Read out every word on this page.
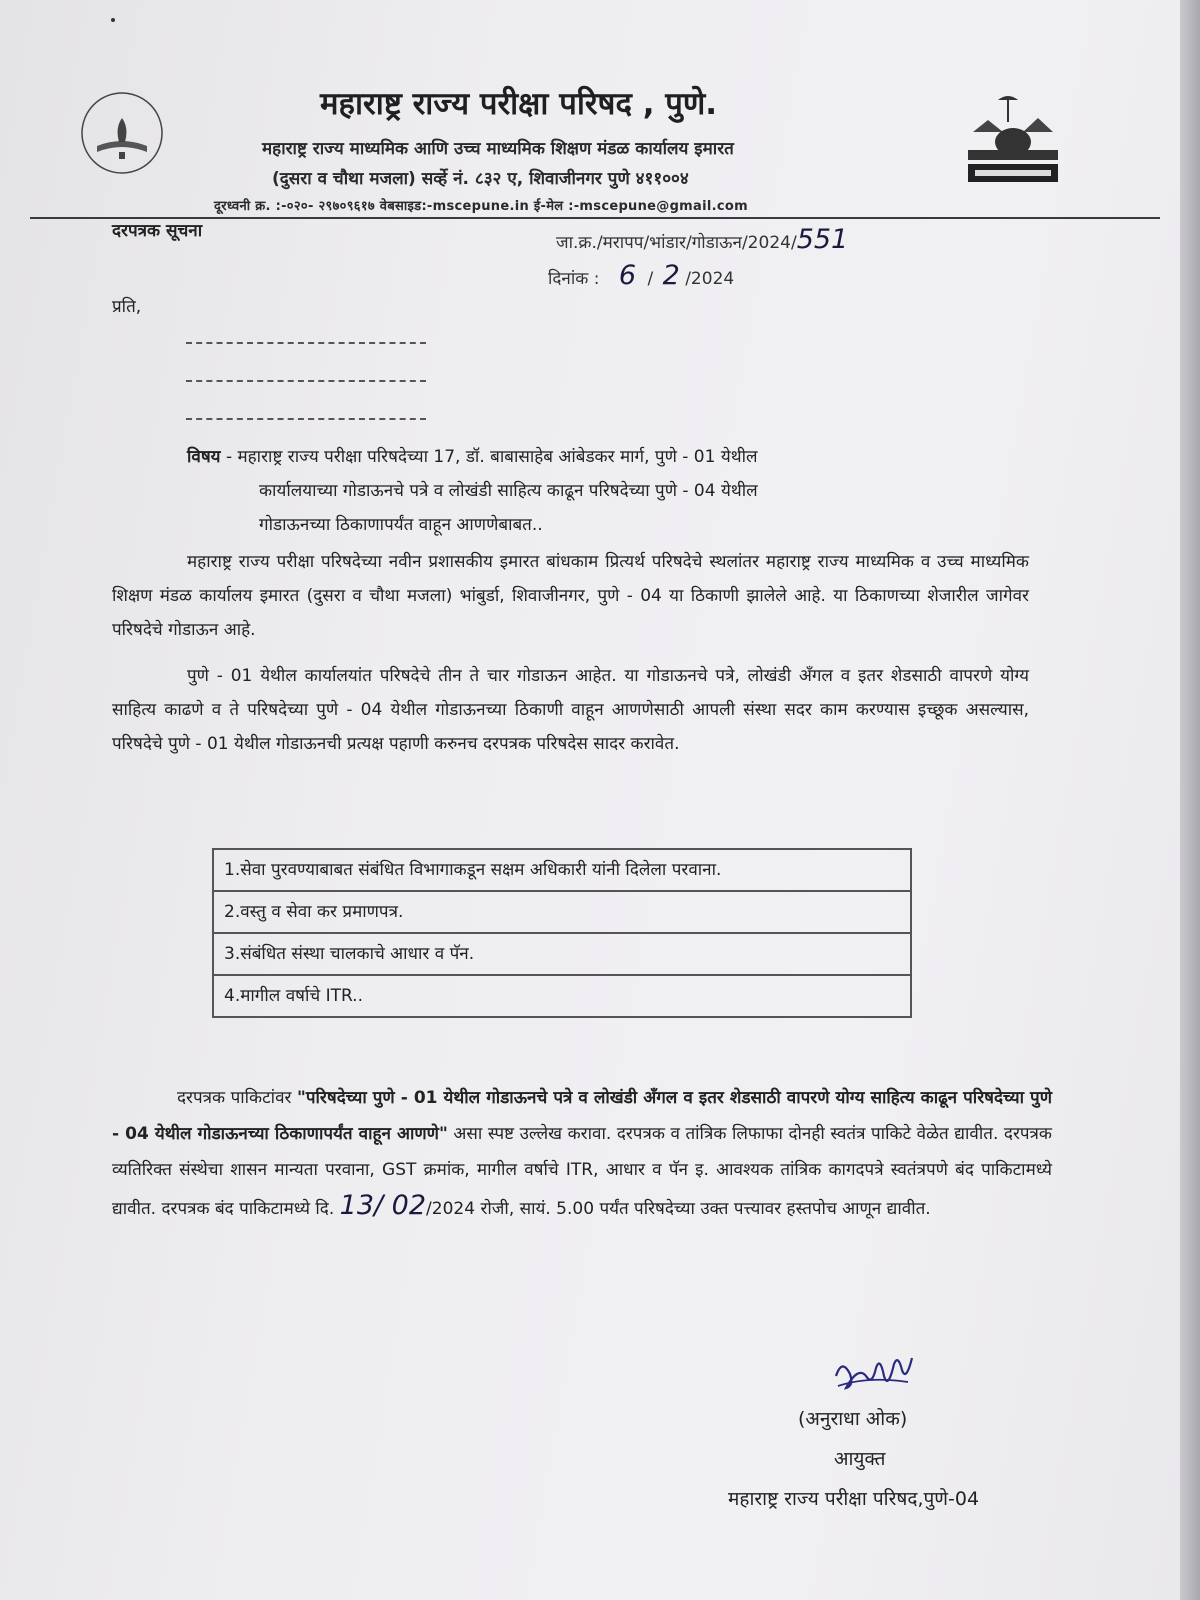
महाराष्ट्र राज्य परीक्षा परिषद , पुणे.
महाराष्ट्र राज्य माध्यमिक आणि उच्च माध्यमिक शिक्षण मंडळ कार्यालय इमारत
(दुसरा व चौथा मजला) सर्व्हे नं. ८३२ ए, शिवाजीनगर पुणे ४११००४
दूरध्वनी क्र. :-०२०- २९७०९६१७ वेबसाइड:-mscepune.in ई-मेल :-mscepune@gmail.com
दरपत्रक सूचना
जा.क्र./मरापप/भांडार/गोडाऊन/2024/551
दिनांक : 6 / 2 /2024
प्रति,
विषय - महाराष्ट्र राज्य परीक्षा परिषदेच्या 17, डॉ. बाबासाहेब आंबेडकर मार्ग, पुणे - 01 येथील
कार्यालयाच्या गोडाऊनचे पत्रे व लोखंडी साहित्य काढून परिषदेच्या पुणे - 04 येथील
गोडाऊनच्या ठिकाणापर्यंत वाहून आणणेबाबत..
महाराष्ट्र राज्य परीक्षा परिषदेच्या नवीन प्रशासकीय इमारत बांधकाम प्रित्यर्थ परिषदेचे स्थलांतर महाराष्ट्र राज्य माध्यमिक व उच्च माध्यमिक शिक्षण मंडळ कार्यालय इमारत (दुसरा व चौथा मजला) भांबुर्डा, शिवाजीनगर, पुणे - 04 या ठिकाणी झालेले आहे. या ठिकाणच्या शेजारील जागेवर परिषदेचे गोडाऊन आहे.
पुणे - 01 येथील कार्यालयांत परिषदेचे तीन ते चार गोडाऊन आहेत. या गोडाऊनचे पत्रे, लोखंडी अँगल व इतर शेडसाठी वापरणे योग्य साहित्य काढणे व ते परिषदेच्या पुणे - 04 येथील गोडाऊनच्या ठिकाणी वाहून आणणेसाठी आपली संस्था सदर काम करण्यास इच्छूक असल्यास, परिषदेचे पुणे - 01 येथील गोडाऊनची प्रत्यक्ष पहाणी करुनच दरपत्रक परिषदेस सादर करावेत.
1.सेवा पुरवण्याबाबत संबंधित विभागाकडून सक्षम अधिकारी यांनी दिलेला परवाना.
2.वस्तु व सेवा कर प्रमाणपत्र.
3.संबंधित संस्था चालकाचे आधार व पॅन.
4.मागील वर्षाचे ITR..
दरपत्रक पाकिटांवर "परिषदेच्या पुणे - 01 येथील गोडाऊनचे पत्रे व लोखंडी अँगल व इतर शेडसाठी वापरणे योग्य साहित्य काढून परिषदेच्या पुणे - 04 येथील गोडाऊनच्या ठिकाणापर्यंत वाहून आणणे" असा स्पष्ट उल्लेख करावा. दरपत्रक व तांत्रिक लिफाफा दोनही स्वतंत्र पाकिटे वेळेत द्यावीत. दरपत्रक व्यतिरिक्त संस्थेचा शासन मान्यता परवाना, GST क्रमांक, मागील वर्षाचे ITR, आधार व पॅन इ. आवश्यक तांत्रिक कागदपत्रे स्वतंत्रपणे बंद पाकिटामध्ये द्यावीत. दरपत्रक बंद पाकिटामध्ये दि. 13/ 02/2024 रोजी, सायं. 5.00 पर्यंत परिषदेच्या उक्त पत्त्यावर हस्तपोच आणून द्यावीत.
(अनुराधा ओक)
आयुक्त
महाराष्ट्र राज्य परीक्षा परिषद,पुणे-04
